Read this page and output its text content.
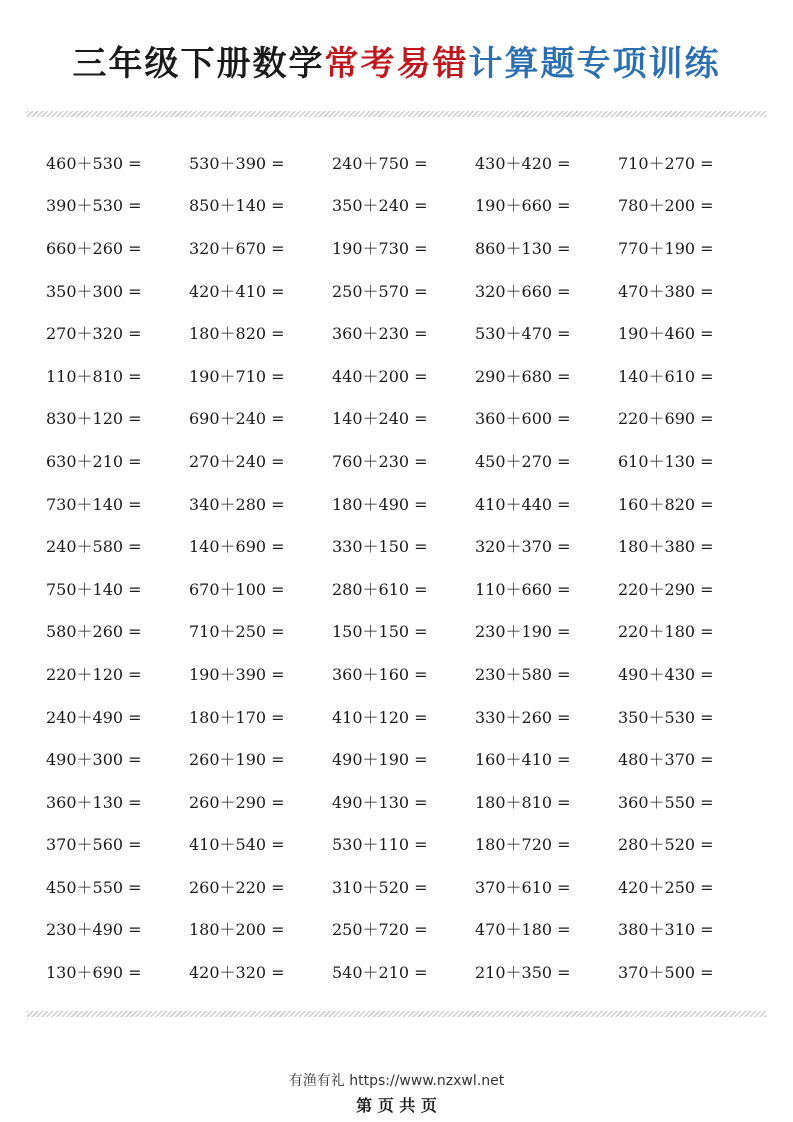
三年级下册数学常考易错计算题专项训练
460＋530 =	530＋390 =	240＋750 =	430＋420 =	710＋270 =
390＋530 =	850＋140 =	350＋240 =	190＋660 =	780＋200 =
660＋260 =	320＋670 =	190＋730 =	860＋130 =	770＋190 =
350＋300 =	420＋410 =	250＋570 =	320＋660 =	470＋380 =
270＋320 =	180＋820 =	360＋230 =	530＋470 =	190＋460 =
110＋810 =	190＋710 =	440＋200 =	290＋680 =	140＋610 =
830＋120 =	690＋240 =	140＋240 =	360＋600 =	220＋690 =
630＋210 =	270＋240 =	760＋230 =	450＋270 =	610＋130 =
730＋140 =	340＋280 =	180＋490 =	410＋440 =	160＋820 =
240＋580 =	140＋690 =	330＋150 =	320＋370 =	180＋380 =
750＋140 =	670＋100 =	280＋610 =	110＋660 =	220＋290 =
580＋260 =	710＋250 =	150＋150 =	230＋190 =	220＋180 =
220＋120 =	190＋390 =	360＋160 =	230＋580 =	490＋430 =
240＋490 =	180＋170 =	410＋120 =	330＋260 =	350＋530 =
490＋300 =	260＋190 =	490＋190 =	160＋410 =	480＋370 =
360＋130 =	260＋290 =	490＋130 =	180＋810 =	360＋550 =
370＋560 =	410＋540 =	530＋110 =	180＋720 =	280＋520 =
450＋550 =	260＋220 =	310＋520 =	370＋610 =	420＋250 =
230＋490 =	180＋200 =	250＋720 =	470＋180 =	380＋310 =
130＋690 =	420＋320 =	540＋210 =	210＋350 =	370＋500 =
有渔有礼 https://www.nzxwl.net
第 页 共 页
